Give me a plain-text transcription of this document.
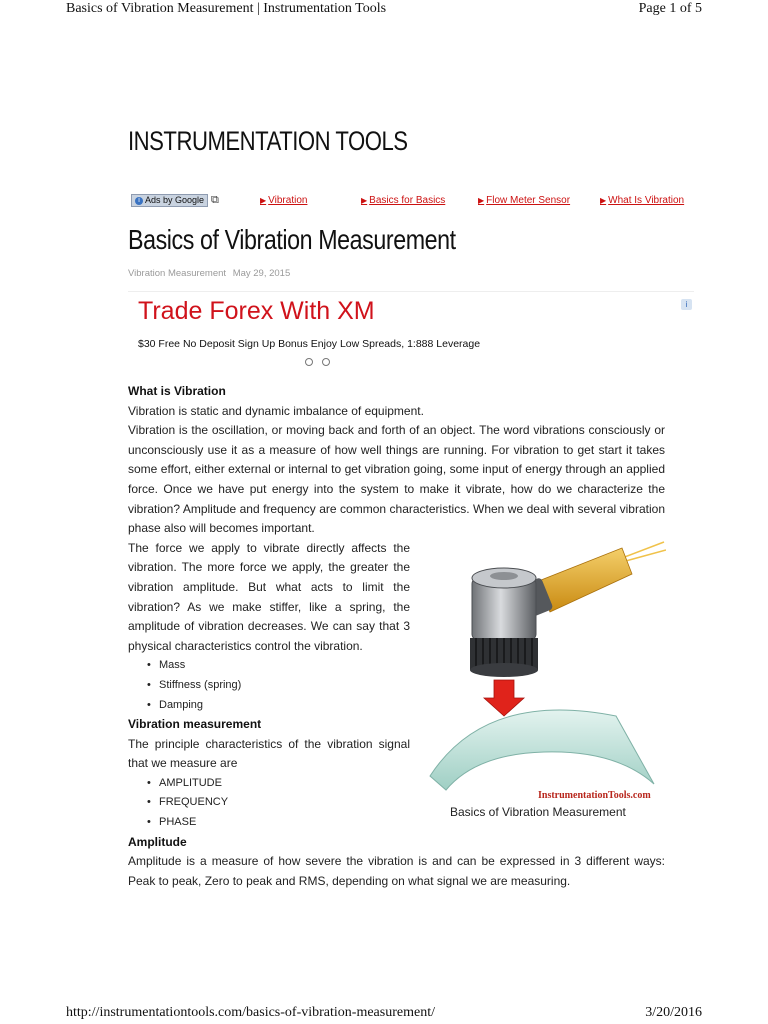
Basics of Vibration Measurement | Instrumentation Tools	Page 1 of 5
INSTRUMENTATION TOOLS
i Ads by Google ⧉	▶ Vibration	▶ Basics for Basics	▶ Flow Meter Sensor	▶ What Is Vibration
Basics of Vibration Measurement
Vibration Measurement May 29, 2015
Trade Forex With XM
$30 Free No Deposit Sign Up Bonus Enjoy Low Spreads, 1:888 Leverage
i
What is Vibration

Vibration is static and dynamic imbalance of equipment.

Vibration is the oscillation, or moving back and forth of an object. The word vibrations consciously or unconsciously use it as a measure of how well things are running. For vibration to get start it takes some effort, either external or internal to get vibration going, some input of energy through an applied force. Once we have put energy into the system to make it vibrate, how do we characterize the vibration? Amplitude and frequency are common characteristics. When we deal with several vibration phase also will becomes important.

The force we apply to vibrate directly affects the vibration. The more force we apply, the greater the vibration amplitude. But what acts to limit the vibration? As we make stiffer, like a spring, the amplitude of vibration decreases. We can say that 3 physical characteristics control the vibration.

• Mass
• Stiffness (spring)
• Damping
Vibration measurement

The principle characteristics of the vibration signal that we measure are

• AMPLITUDE
• FREQUENCY
• PHASE
Amplitude

Amplitude is a measure of how severe the vibration is and can be expressed in 3 different ways: Peak to peak, Zero to peak and RMS, depending on what signal we are measuring.

InstrumentationTools.com
Basics of Vibration Measurement
http://instrumentationtools.com/basics-of-vibration-measurement/	3/20/2016
